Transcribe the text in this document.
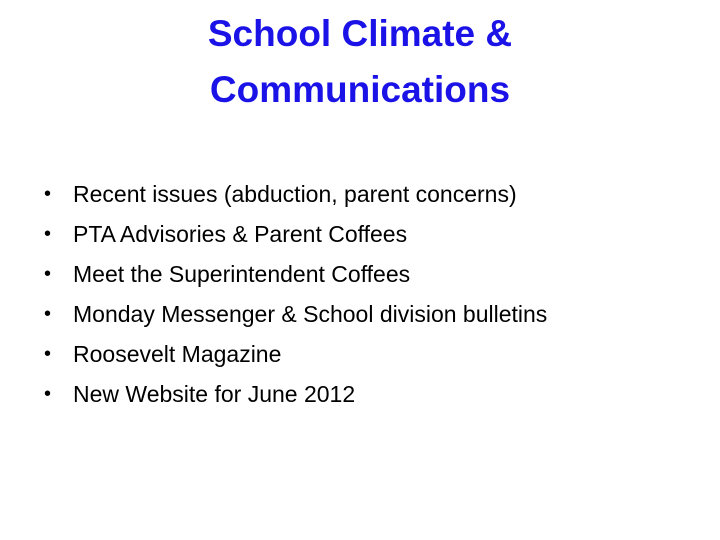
School Climate &
Communications
• Recent issues (abduction, parent concerns)
• PTA Advisories & Parent Coffees
• Meet the Superintendent Coffees
• Monday Messenger & School division bulletins
• Roosevelt Magazine
• New Website for June 2012
